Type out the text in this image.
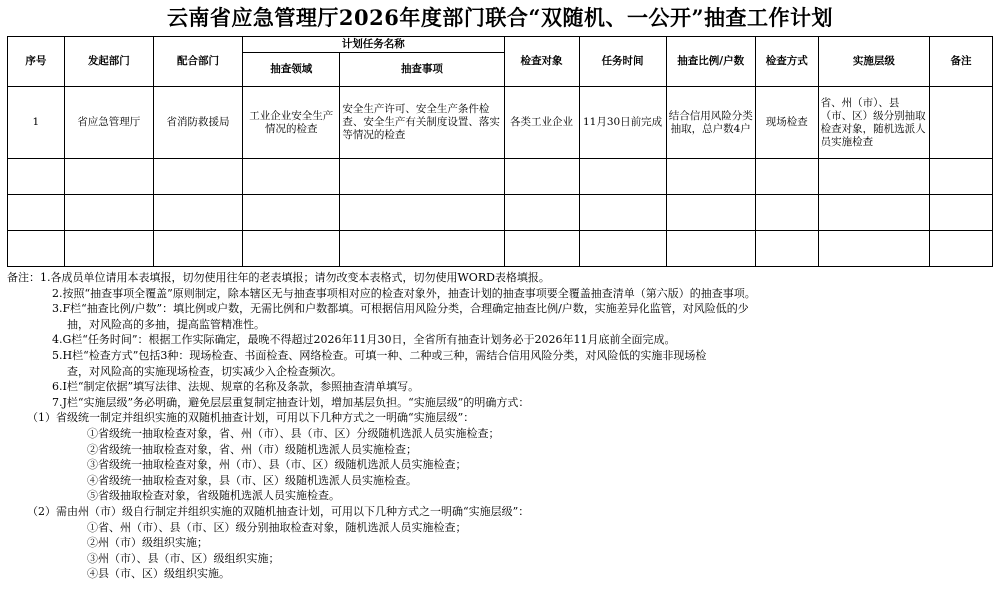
云南省应急管理厅2026年度部门联合“双随机、一公开”抽查工作计划
序号	发起部门	配合部门	计划任务名称		检查对象	任务时间	抽查比例/户数	检查方式	实施层级	备注
			抽查领域	抽查事项						
1	省应急管理厅	省消防救援局	工业企业安全生产情况的检查	安全生产许可、安全生产条件检查、安全生产有关制度设置、落实等情况的检查	各类工业企业	11月30日前完成	结合信用风险分类抽取，总户数4户	现场检查	省、州（市）、县（市、区）级分别抽取检查对象，随机选派人员实施检查	

备注：1.各成员单位请用本表填报，切勿使用往年的老表填报；请勿改变本表格式，切勿使用WORD表格填报。
2.按照“抽查事项全覆盖”原则制定，除本辖区无与抽查事项相对应的检查对象外，抽查计划的抽查事项要全覆盖抽查清单（第六版）的抽查事项。
3.F栏“抽查比例/户数”：填比例或户数，无需比例和户数都填。可根据信用风险分类，合理确定抽查比例/户数，实施差异化监管，对风险低的少
抽，对风险高的多抽，提高监管精准性。
4.G栏“任务时间”：根据工作实际确定，最晚不得超过2026年11月30日，全省所有抽查计划务必于2026年11月底前全面完成。
5.H栏“检查方式”包括3种：现场检查、书面检查、网络检查。可填一种、二种或三种，需结合信用风险分类，对风险低的实施非现场检
查，对风险高的实施现场检查，切实减少入企检查频次。
6.I栏“制定依据”填写法律、法规、规章的名称及条款，参照抽查清单填写。
7.J栏“实施层级”务必明确，避免层层重复制定抽查计划，增加基层负担。“实施层级”的明确方式：
（1）省级统一制定并组织实施的双随机抽查计划，可用以下几种方式之一明确“实施层级”：
①省级统一抽取检查对象，省、州（市）、县（市、区）分级随机选派人员实施检查；
②省级统一抽取检查对象，省、州（市）级随机选派人员实施检查；
③省级统一抽取检查对象，州（市）、县（市、区）级随机选派人员实施检查；
④省级统一抽取检查对象，县（市、区）级随机选派人员实施检查。
⑤省级抽取检查对象，省级随机选派人员实施检查。
（2）需由州（市）级自行制定并组织实施的双随机抽查计划，可用以下几种方式之一明确“实施层级”：
①省、州（市）、县（市、区）级分别抽取检查对象，随机选派人员实施检查；
②州（市）级组织实施；
③州（市）、县（市、区）级组织实施；
④县（市、区）级组织实施。
